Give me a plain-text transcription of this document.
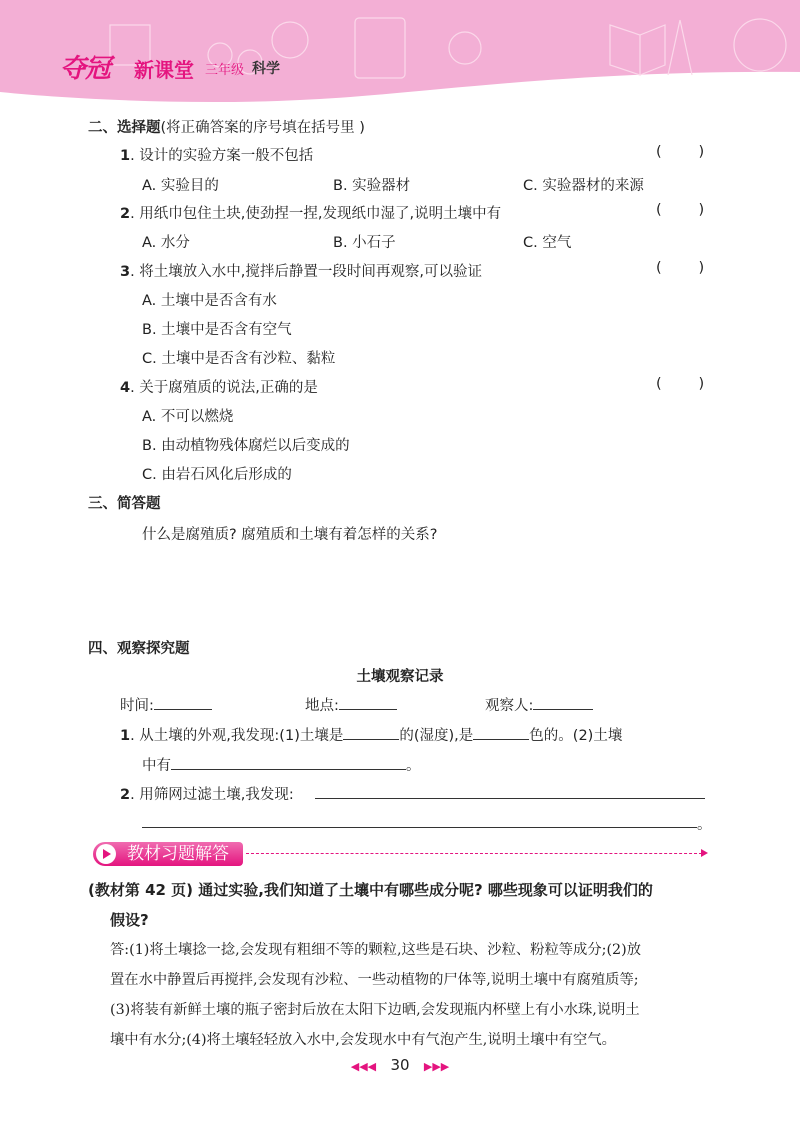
夺冠 新课堂 三年级 科学
二、选择题(将正确答案的序号填在括号里 )
1. 设计的实验方案一般不包括	(        )
A. 实验目的	B. 实验器材	C. 实验器材的来源
2. 用纸巾包住土块,使劲捏一捏,发现纸巾湿了,说明土壤中有	(        )
A. 水分	B. 小石子	C. 空气
3. 将土壤放入水中,搅拌后静置一段时间再观察,可以验证	(        )
A. 土壤中是否含有水
B. 土壤中是否含有空气
C. 土壤中是否含有沙粒、黏粒
4. 关于腐殖质的说法,正确的是	(        )
A. 不可以燃烧
B. 由动植物残体腐烂以后变成的
C. 由岩石风化后形成的
三、简答题
什么是腐殖质? 腐殖质和土壤有着怎样的关系?
四、观察探究题
土壤观察记录
时间:	地点:	观察人:
1. 从土壤的外观,我发现:(1)土壤是	的(湿度),是	色的。(2)土壤
中有	。
2. 用筛网过滤土壤,我发现:
。
教材习题解答
(教材第 42 页) 通过实验,我们知道了土壤中有哪些成分呢? 哪些现象可以证明我们的
假设?
答:(1)将土壤捻一捻,会发现有粗细不等的颗粒,这些是石块、沙粒、粉粒等成分;(2)放
置在水中静置后再搅拌,会发现有沙粒、一些动植物的尸体等,说明土壤中有腐殖质等;
(3)将装有新鲜土壤的瓶子密封后放在太阳下边晒,会发现瓶内杯壁上有小水珠,说明土
壤中有水分;(4)将土壤轻轻放入水中,会发现水中有气泡产生,说明土壤中有空气。
◀◀◀ 30 ▶▶▶
